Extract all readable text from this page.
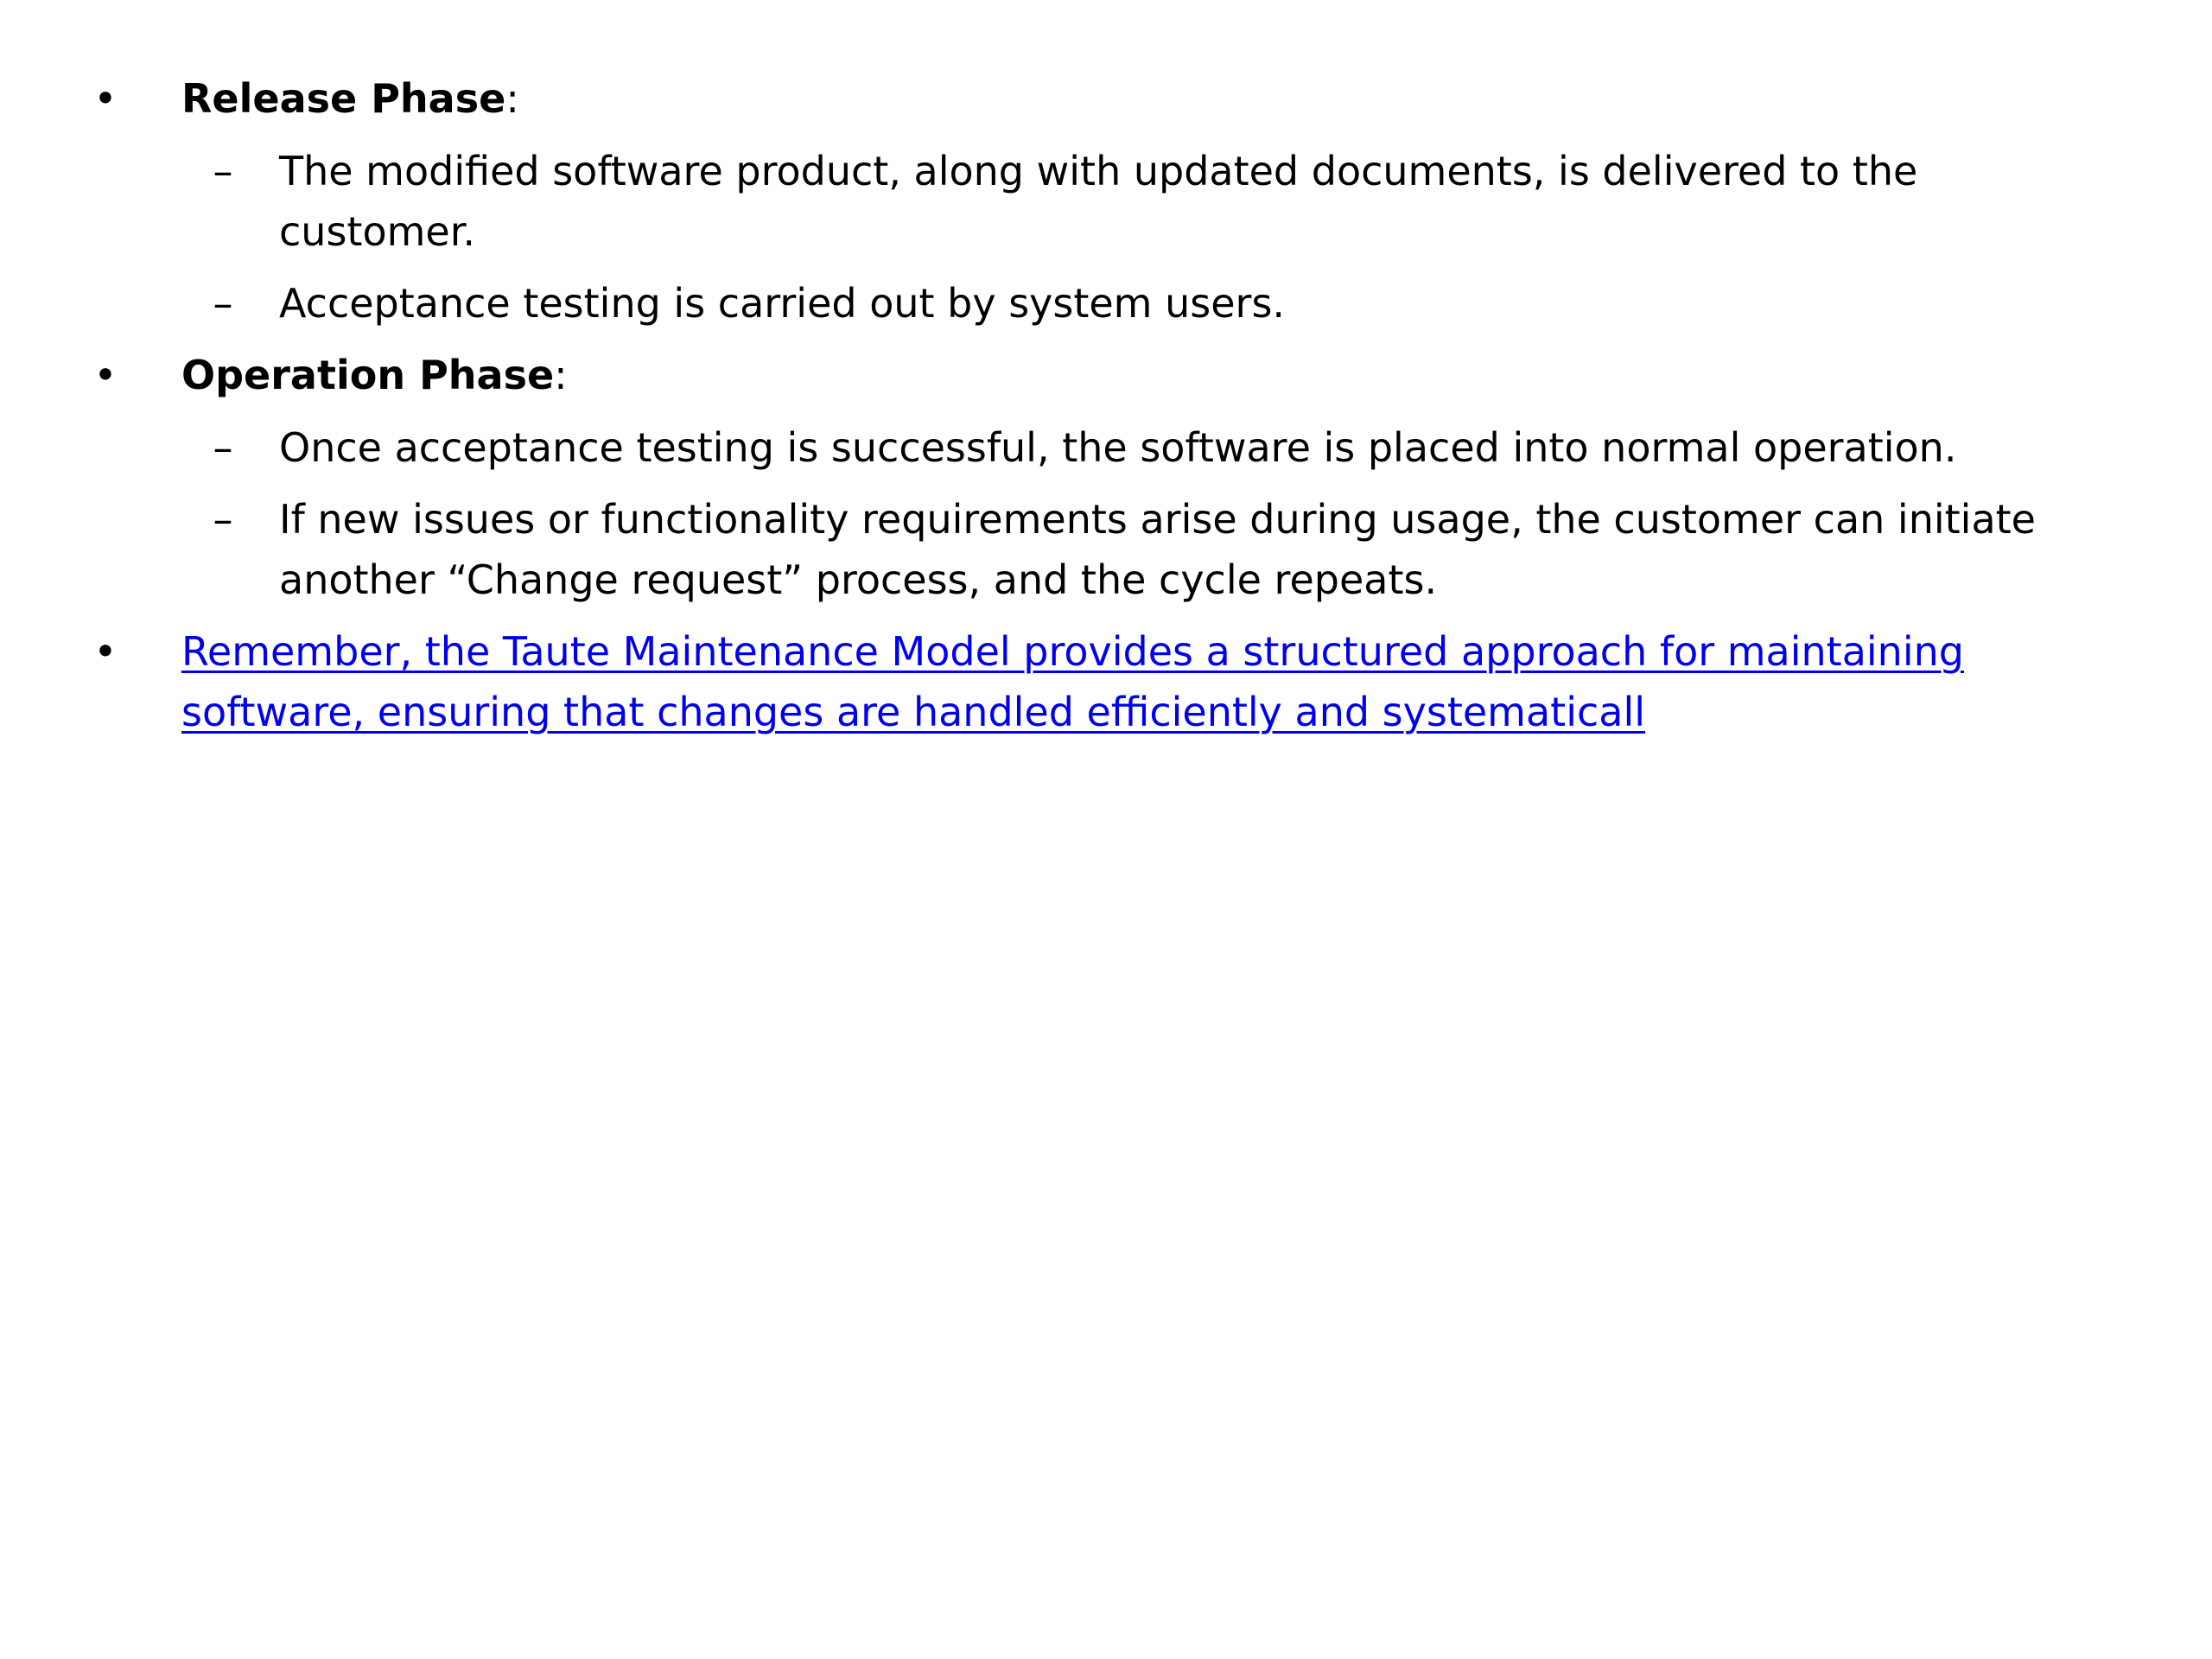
• Release Phase:
– The modified software product, along with updated documents, is delivered to the customer.
– Acceptance testing is carried out by system users.
• Operation Phase:
– Once acceptance testing is successful, the software is placed into normal operation.
– If new issues or functionality requirements arise during usage, the customer can initiate another “Change request” process, and the cycle repeats.
• Remember, the Taute Maintenance Model provides a structured approach for maintaining software, ensuring that changes are handled efficiently and systematicall
